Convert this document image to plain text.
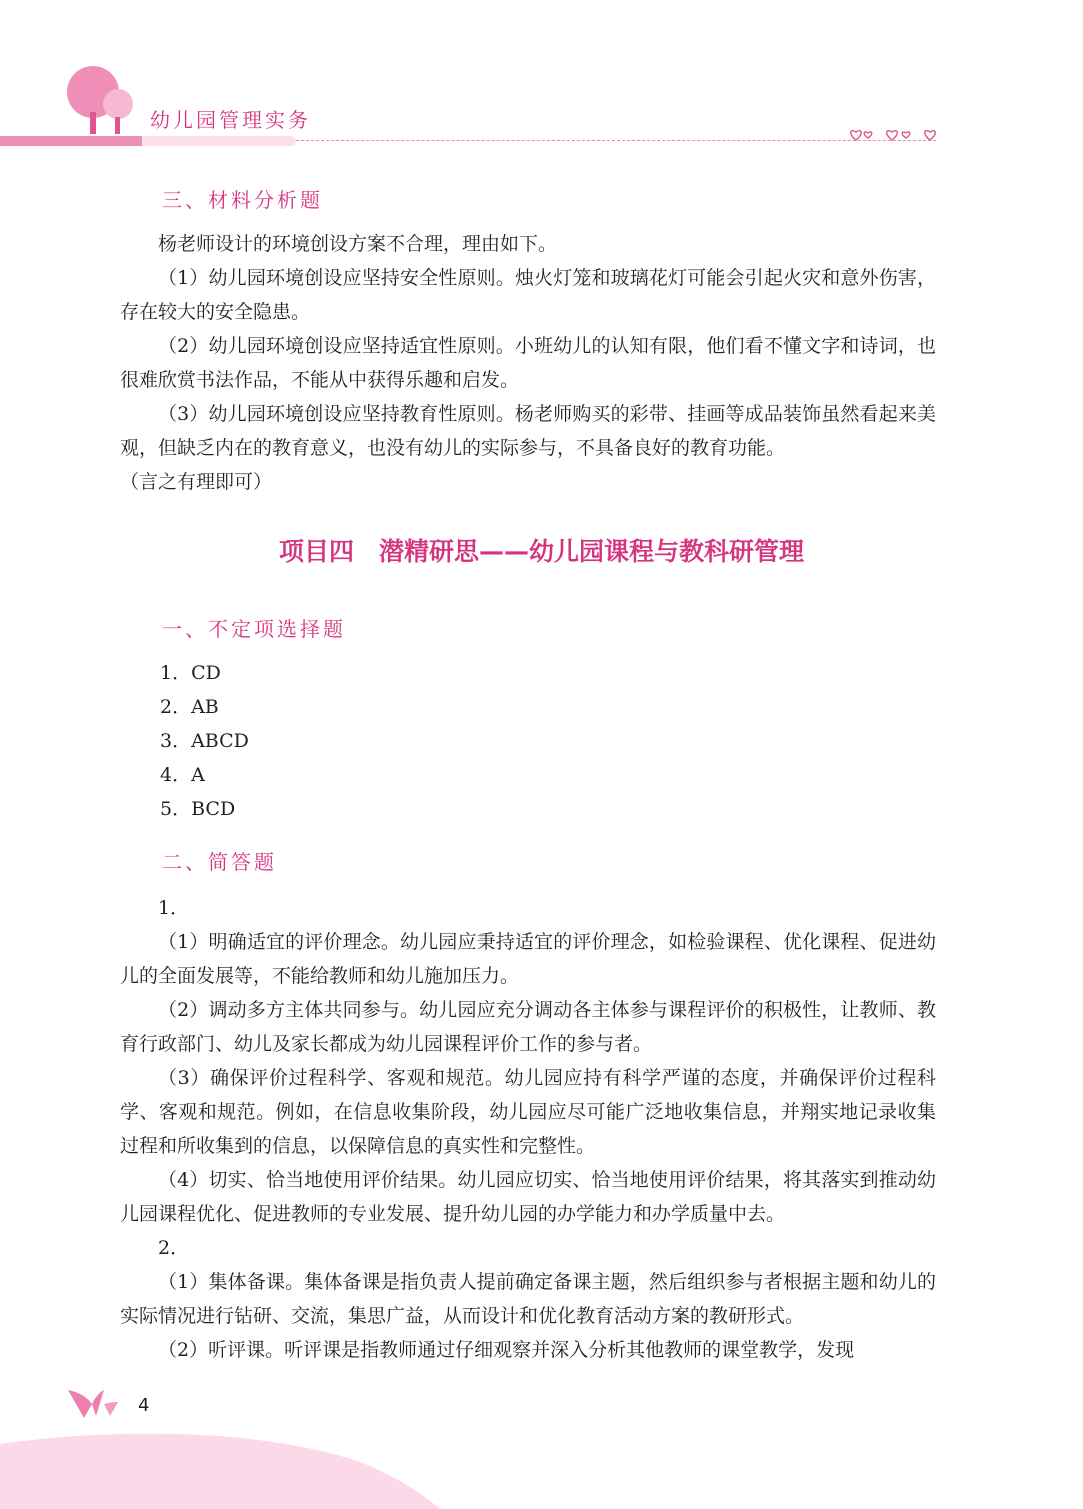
幼儿园管理实务
三、材料分析题

杨老师设计的环境创设方案不合理，理由如下。

（1）幼儿园环境创设应坚持安全性原则。烛火灯笼和玻璃花灯可能会引起火灾和意外伤害，存在较大的安全隐患。

（2）幼儿园环境创设应坚持适宜性原则。小班幼儿的认知有限，他们看不懂文字和诗词，也很难欣赏书法作品，不能从中获得乐趣和启发。

（3）幼儿园环境创设应坚持教育性原则。杨老师购买的彩带、挂画等成品装饰虽然看起来美观，但缺乏内在的教育意义，也没有幼儿的实际参与，不具备良好的教育功能。

（言之有理即可）

项目四　潜精研思——幼儿园课程与教科研管理
一、不定项选择题
1．CD
2．AB
3．ABCD
4．A
5．BCD
二、简答题

1．

（1）明确适宜的评价理念。幼儿园应秉持适宜的评价理念，如检验课程、优化课程、促进幼儿的全面发展等，不能给教师和幼儿施加压力。

（2）调动多方主体共同参与。幼儿园应充分调动各主体参与课程评价的积极性，让教师、教育行政部门、幼儿及家长都成为幼儿园课程评价工作的参与者。

（3）确保评价过程科学、客观和规范。幼儿园应持有科学严谨的态度，并确保评价过程科学、客观和规范。例如，在信息收集阶段，幼儿园应尽可能广泛地收集信息，并翔实地记录收集过程和所收集到的信息，以保障信息的真实性和完整性。

（4）切实、恰当地使用评价结果。幼儿园应切实、恰当地使用评价结果，将其落实到推动幼儿园课程优化、促进教师的专业发展、提升幼儿园的办学能力和办学质量中去。

2．

（1）集体备课。集体备课是指负责人提前确定备课主题，然后组织参与者根据主题和幼儿的实际情况进行钻研、交流，集思广益，从而设计和优化教育活动方案的教研形式。

（2）听评课。听评课是指教师通过仔细观察并深入分析其他教师的课堂教学，发现

4
